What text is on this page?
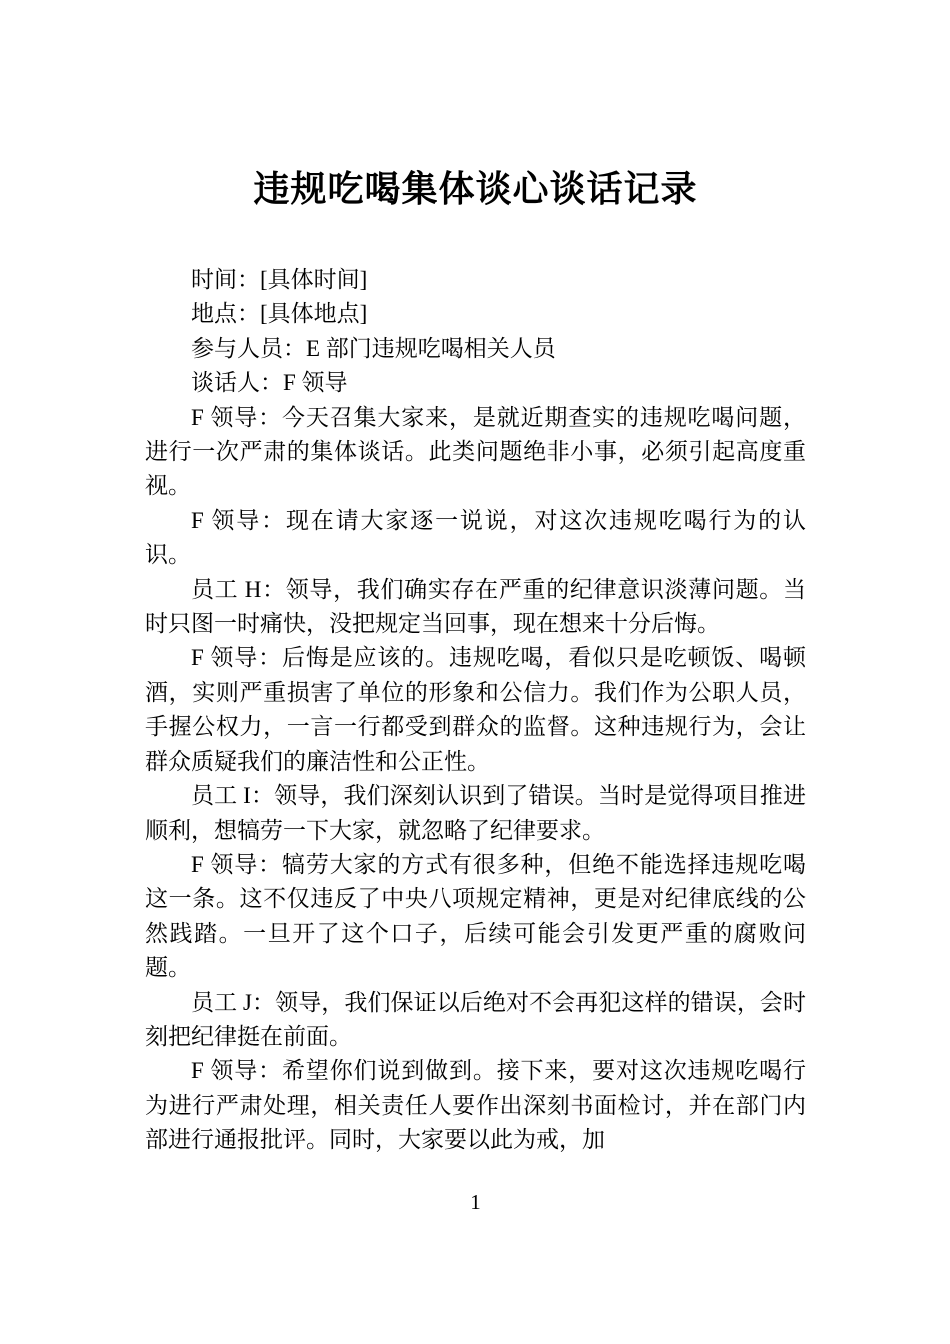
违规吃喝集体谈心谈话记录

时间：[具体时间]

地点：[具体地点]

参与人员：E 部门违规吃喝相关人员

谈话人：F 领导

F 领导：今天召集大家来，是就近期查实的违规吃喝问题，进行一次严肃的集体谈话。此类问题绝非小事，必须引起高度重视。

F 领导：现在请大家逐一说说，对这次违规吃喝行为的认识。

员工 H：领导，我们确实存在严重的纪律意识淡薄问题。当时只图一时痛快，没把规定当回事，现在想来十分后悔。

F 领导：后悔是应该的。违规吃喝，看似只是吃顿饭、喝顿酒，实则严重损害了单位的形象和公信力。我们作为公职人员，手握公权力，一言一行都受到群众的监督。这种违规行为，会让群众质疑我们的廉洁性和公正性。

员工 I：领导，我们深刻认识到了错误。当时是觉得项目推进顺利，想犒劳一下大家，就忽略了纪律要求。

F 领导：犒劳大家的方式有很多种，但绝不能选择违规吃喝这一条。这不仅违反了中央八项规定精神，更是对纪律底线的公然践踏。一旦开了这个口子，后续可能会引发更严重的腐败问题。

员工 J：领导，我们保证以后绝对不会再犯这样的错误，会时刻把纪律挺在前面。

F 领导：希望你们说到做到。接下来，要对这次违规吃喝行为进行严肃处理，相关责任人要作出深刻书面检讨，并在部门内部进行通报批评。同时，大家要以此为戒，加

1
